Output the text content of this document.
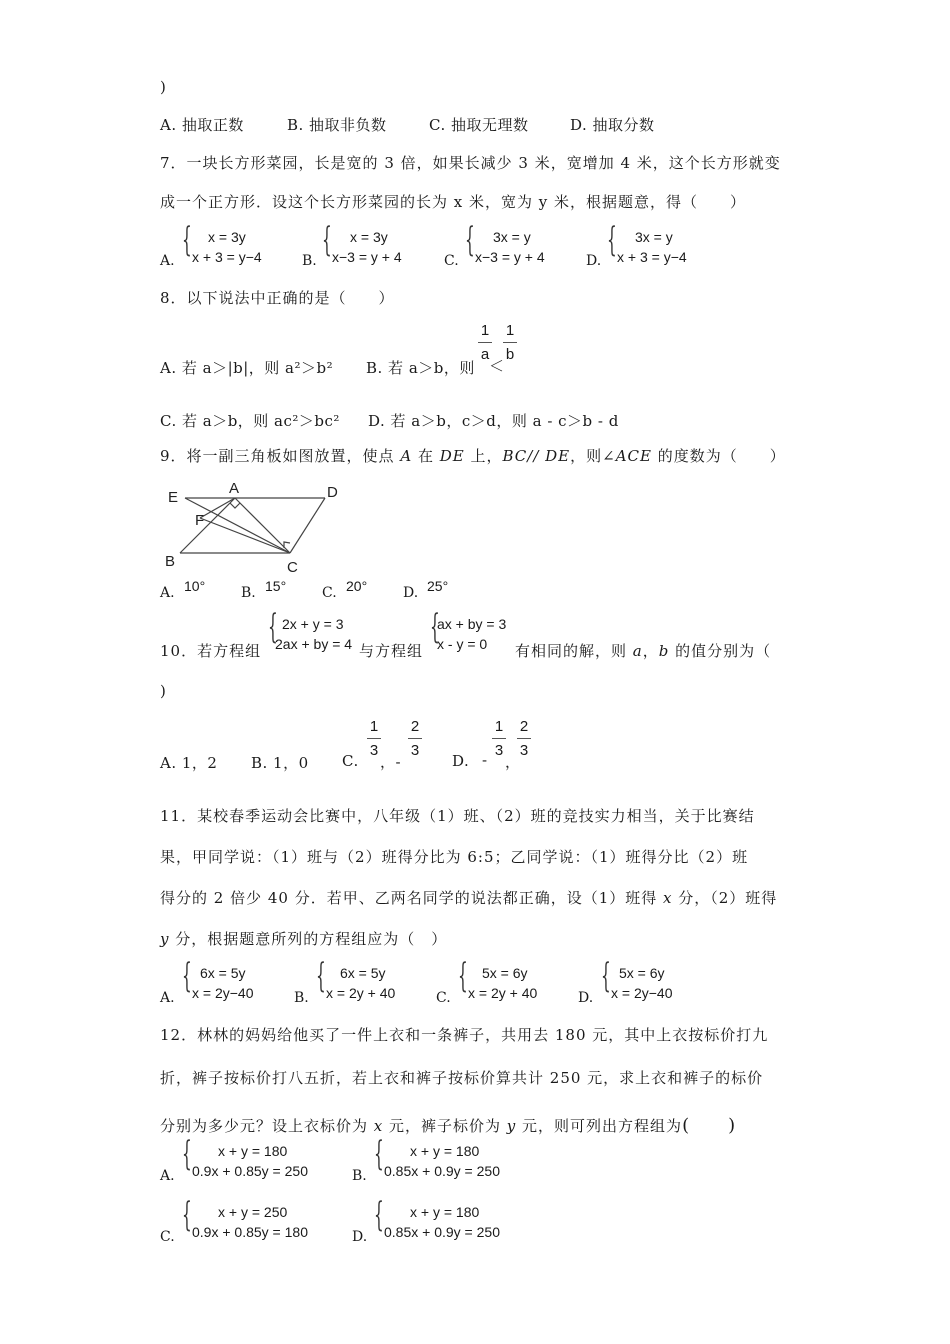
)
A. 抽取正数	B. 抽取非负数	C. 抽取无理数	D. 抽取分数
7．一块长方形菜园，长是宽的 3 倍，如果长减少 3 米，宽增加 4 米，这个长方形就变
成一个正方形．设这个长方形菜园的长为 x 米，宽为 y 米，根据题意，得（　　）
A.
{ x = 3y
x + 3 = y−4	B.
{ x = 3y
x−3 = y + 4	C.
{ 3x = y
x−3 = y + 4	D.
{ 3x = y
x + 3 = y−4
8．以下说法中正确的是（　　）
A. 若 a＞|b|，则 a²＞b² B. 若 a＞b，则
1
a
＜
1
b
C. 若 a＞b，则 ac²＞bc² D. 若 a＞b，c＞d，则 a - c＞b - d
9．将一副三角板如图放置，使点 A 在 DE 上，BC// DE，则∠ACE 的度数为（　　）
E
A	D
F
B	C
A. 10°	B. 15°	C. 20°	D. 25°
10．若方程组
{ 2x + y = 3
2ax + by = 4 与方程组
{
ax + by = 3
x - y = 0 有相同的解，则 a，b 的值分别为（
)
A. 1，2 B. 1，0 C.
1
3
，-
2
3
D. -
1
3
，
2
3
11．某校春季运动会比赛中，八年级（1）班、（2）班的竞技实力相当，关于比赛结
果，甲同学说：（1）班与（2）班得分比为 6:5；乙同学说：（1）班得分比（2）班
得分的 2 倍少 40 分．若甲、乙两名同学的说法都正确，设（1）班得 x 分，（2）班得
y 分，根据题意所列的方程组应为（　）
A.
{ 6x = 5y
x = 2y−40	B.
{ 6x = 5y
x = 2y + 40	C.
{ 5x = 6y
x = 2y + 40	D.
{ 5x = 6y
x = 2y−40
12．林林的妈妈给他买了一件上衣和一条裤子，共用去 180 元，其中上衣按标价打九
折，裤子按标价打八五折，若上衣和裤子按标价算共计 250 元，求上衣和裤子的标价
分别为多少元？设上衣标价为 x 元，裤子标价为 y 元，则可列出方程组为(　　)
A.
{ x + y = 180
0.9x + 0.85y = 250	B.
{ x + y = 180
0.85x + 0.9y = 250
C.
{ x + y = 250
0.9x + 0.85y = 180	D.
{ x + y = 180
0.85x + 0.9y = 250
